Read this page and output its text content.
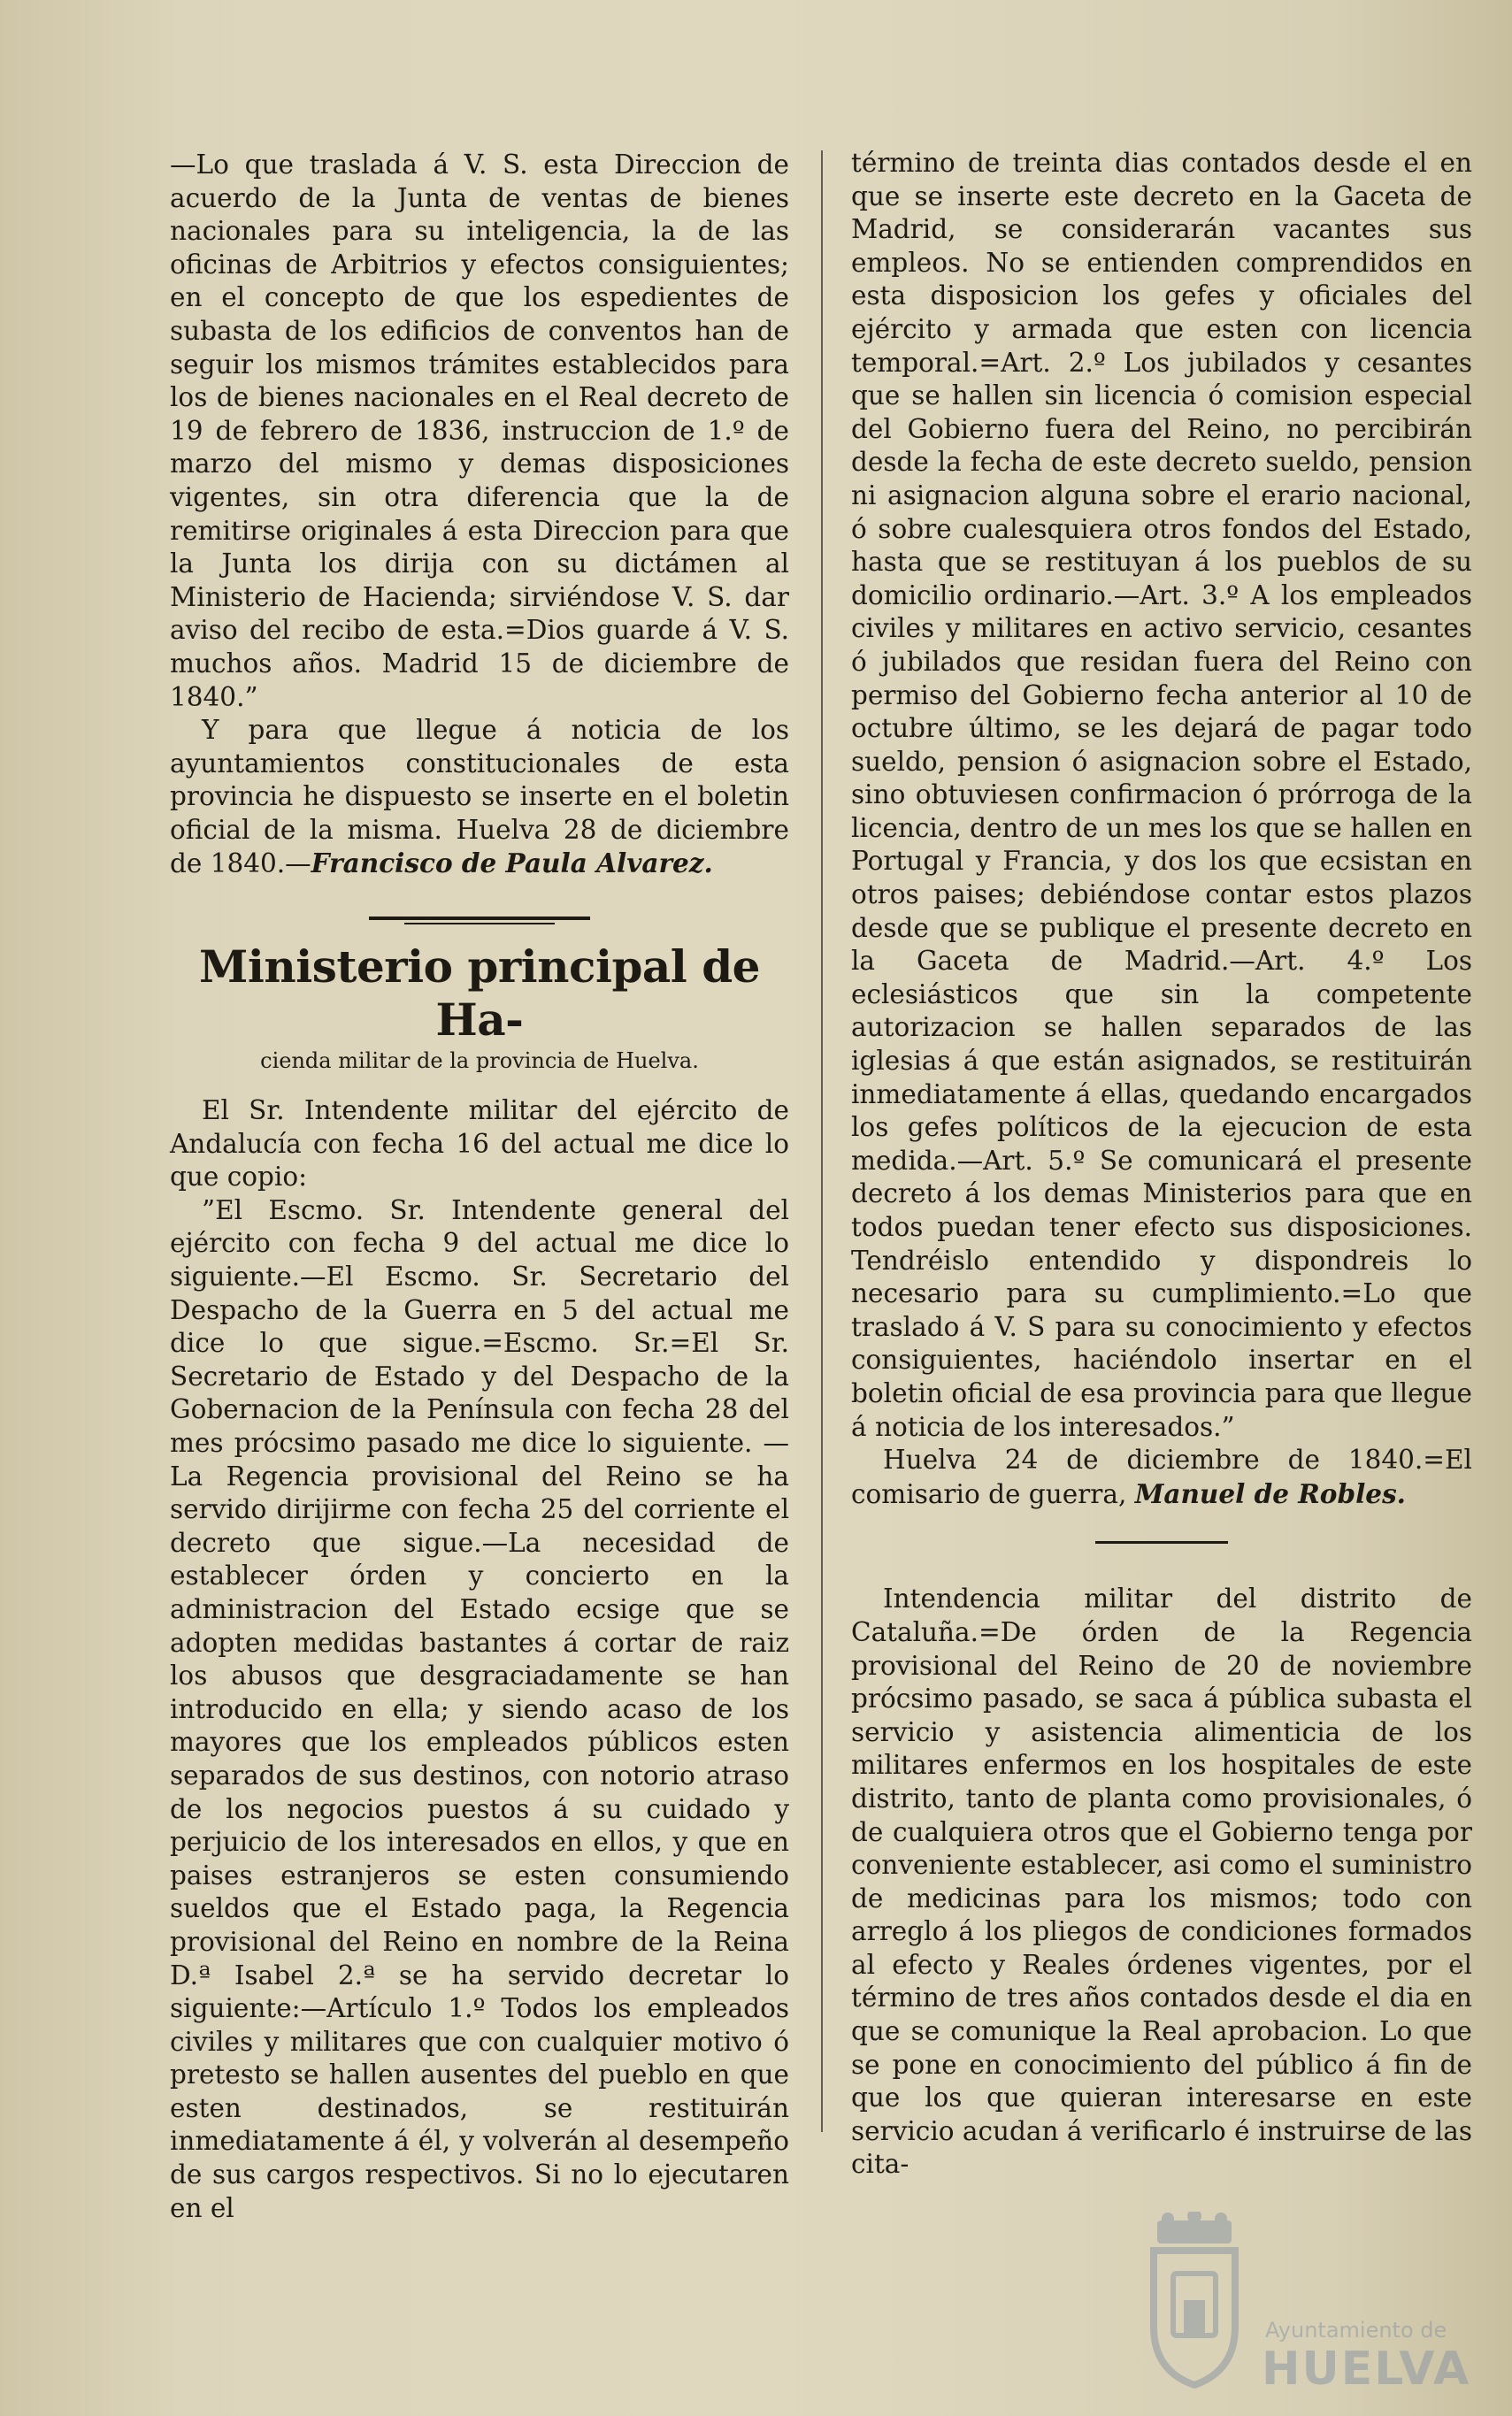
—Lo que traslada á V. S. esta Direccion de acuerdo de la Junta de ventas de bienes nacionales para su inteligencia, la de las oficinas de Arbitrios y efectos consiguientes; en el concepto de que los espedientes de subasta de los edificios de conventos han de seguir los mismos trámites establecidos para los de bienes nacionales en el Real decreto de 19 de febrero de 1836, instruccion de 1.º de marzo del mismo y demas disposiciones vigentes, sin otra diferencia que la de remitirse originales á esta Direccion para que la Junta los dirija con su dictámen al Ministerio de Hacienda; sirviéndose V. S. dar aviso del recibo de esta.=Dios guarde á V. S. muchos años. Madrid 15 de diciembre de 1840.”

Y para que llegue á noticia de los ayuntamientos constitucionales de esta provincia he dispuesto se inserte en el boletin oficial de la misma. Huelva 28 de diciembre de 1840.—Francisco de Paula Alvarez.

Ministerio principal de Ha-
cienda militar de la provincia de Huelva.

El Sr. Intendente militar del ejército de Andalucía con fecha 16 del actual me dice lo que copio:

”El Escmo. Sr. Intendente general del ejército con fecha 9 del actual me dice lo siguiente.—El Escmo. Sr. Secretario del Despacho de la Guerra en 5 del actual me dice lo que sigue.=Escmo. Sr.=El Sr. Secretario de Estado y del Despacho de la Gobernacion de la Península con fecha 28 del mes prócsimo pasado me dice lo siguiente. —La Regencia provisional del Reino se ha servido dirijirme con fecha 25 del corriente el decreto que sigue.—La necesidad de establecer órden y concierto en la administracion del Estado ecsige que se adopten medidas bastantes á cortar de raiz los abusos que desgraciadamente se han introducido en ella; y siendo acaso de los mayores que los empleados públicos esten separados de sus destinos, con notorio atraso de los negocios puestos á su cuidado y perjuicio de los interesados en ellos, y que en paises estranjeros se esten consumiendo sueldos que el Estado paga, la Regencia provisional del Reino en nombre de la Reina D.ª Isabel 2.ª se ha servido decretar lo siguiente:—Artículo 1.º Todos los empleados civiles y militares que con cualquier motivo ó pretesto se hallen ausentes del pueblo en que esten destinados, se restituirán inmediatamente á él, y volverán al desempeño de sus cargos respectivos. Si no lo ejecutaren en el

término de treinta dias contados desde el en que se inserte este decreto en la Gaceta de Madrid, se considerarán vacantes sus empleos. No se entienden comprendidos en esta disposicion los gefes y oficiales del ejército y armada que esten con licencia temporal.=Art. 2.º Los jubilados y cesantes que se hallen sin licencia ó comision especial del Gobierno fuera del Reino, no percibirán desde la fecha de este decreto sueldo, pension ni asignacion alguna sobre el erario nacional, ó sobre cualesquiera otros fondos del Estado, hasta que se restituyan á los pueblos de su domicilio ordinario.—Art. 3.º A los empleados civiles y militares en activo servicio, cesantes ó jubilados que residan fuera del Reino con permiso del Gobierno fecha anterior al 10 de octubre último, se les dejará de pagar todo sueldo, pension ó asignacion sobre el Estado, sino obtuviesen confirmacion ó prórroga de la licencia, dentro de un mes los que se hallen en Portugal y Francia, y dos los que ecsistan en otros paises; debiéndose contar estos plazos desde que se publique el presente decreto en la Gaceta de Madrid.—Art. 4.º Los eclesiásticos que sin la competente autorizacion se hallen separados de las iglesias á que están asignados, se restituirán inmediatamente á ellas, quedando encargados los gefes políticos de la ejecucion de esta medida.—Art. 5.º Se comunicará el presente decreto á los demas Ministerios para que en todos puedan tener efecto sus disposiciones. Tendréislo entendido y dispondreis lo necesario para su cumplimiento.=Lo que traslado á V. S para su conocimiento y efectos consiguientes, haciéndolo insertar en el boletin oficial de esa provincia para que llegue á noticia de los interesados.”

Huelva 24 de diciembre de 1840.=El comisario de guerra, Manuel de Robles.

Intendencia militar del distrito de Cataluña.=De órden de la Regencia provisional del Reino de 20 de noviembre prócsimo pasado, se saca á pública subasta el servicio y asistencia alimenticia de los militares enfermos en los hospitales de este distrito, tanto de planta como provisionales, ó de cualquiera otros que el Gobierno tenga por conveniente establecer, asi como el suministro de medicinas para los mismos; todo con arreglo á los pliegos de condiciones formados al efecto y Reales órdenes vigentes, por el término de tres años contados desde el dia en que se comunique la Real aprobacion. Lo que se pone en conocimiento del público á fin de que los que quieran interesarse en este servicio acudan á verificarlo é instruirse de las cita-

Ayuntamiento de
HUELVA
